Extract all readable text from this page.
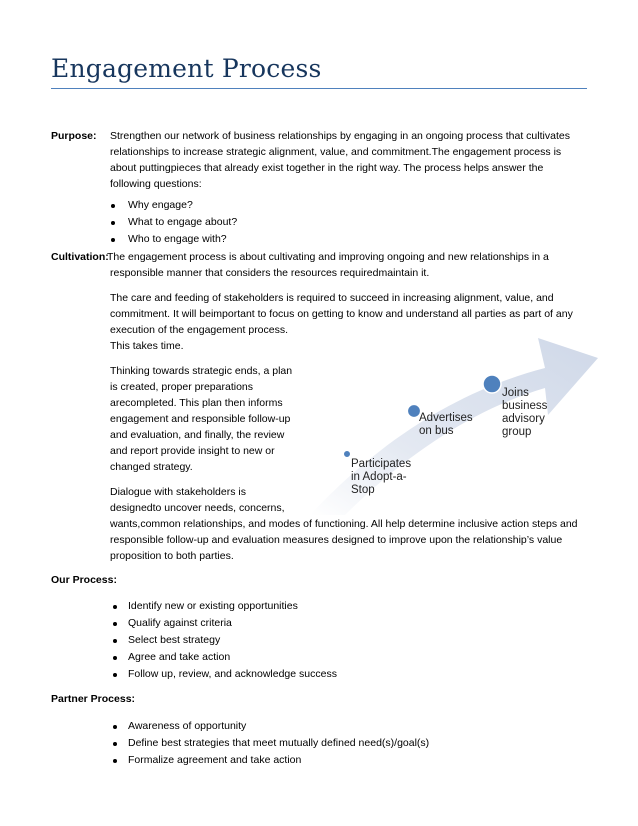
Engagement Process
Purpose: Strengthen our network of business relationships by engaging in an ongoing process that cultivates
relationships to increase strategic alignment, value, and commitment.The engagement process is
about puttingpieces that already exist together in the right way. The process helps answer the
following questions:
Why engage?
What to engage about?
Who to engage with?
Cultivation:
The engagement process is about cultivating and improving ongoing and new relationships in a
responsible manner that considers the resources requiredmaintain it.
The care and feeding of stakeholders is required to succeed in increasing alignment, value, and
commitment. It will beimportant to focus on getting to know and understand all parties as part of any
execution of the engagement process.
This takes time.
Thinking towards strategic ends, a plan
is created, proper preparations
arecompleted. This plan then informs
engagement and responsible follow-up
and evaluation, and finally, the review
and report provide insight to new or
changed strategy.	Participates
in Adopt-a-
Stop
Advertises
on bus
Joins
business
advisory
group
Dialogue with stakeholders is
designedto uncover needs, concerns,
wants,common relationships, and modes of functioning. All help determine inclusive action steps and
responsible follow-up and evaluation measures designed to improve upon the relationship’s value
proposition to both parties.
Our Process:
Identify new or existing opportunities
Qualify against criteria
Select best strategy
Agree and take action
Follow up, review, and acknowledge success
Partner Process:
Awareness of opportunity
Define best strategies that meet mutually defined need(s)/goal(s)
Formalize agreement and take action
